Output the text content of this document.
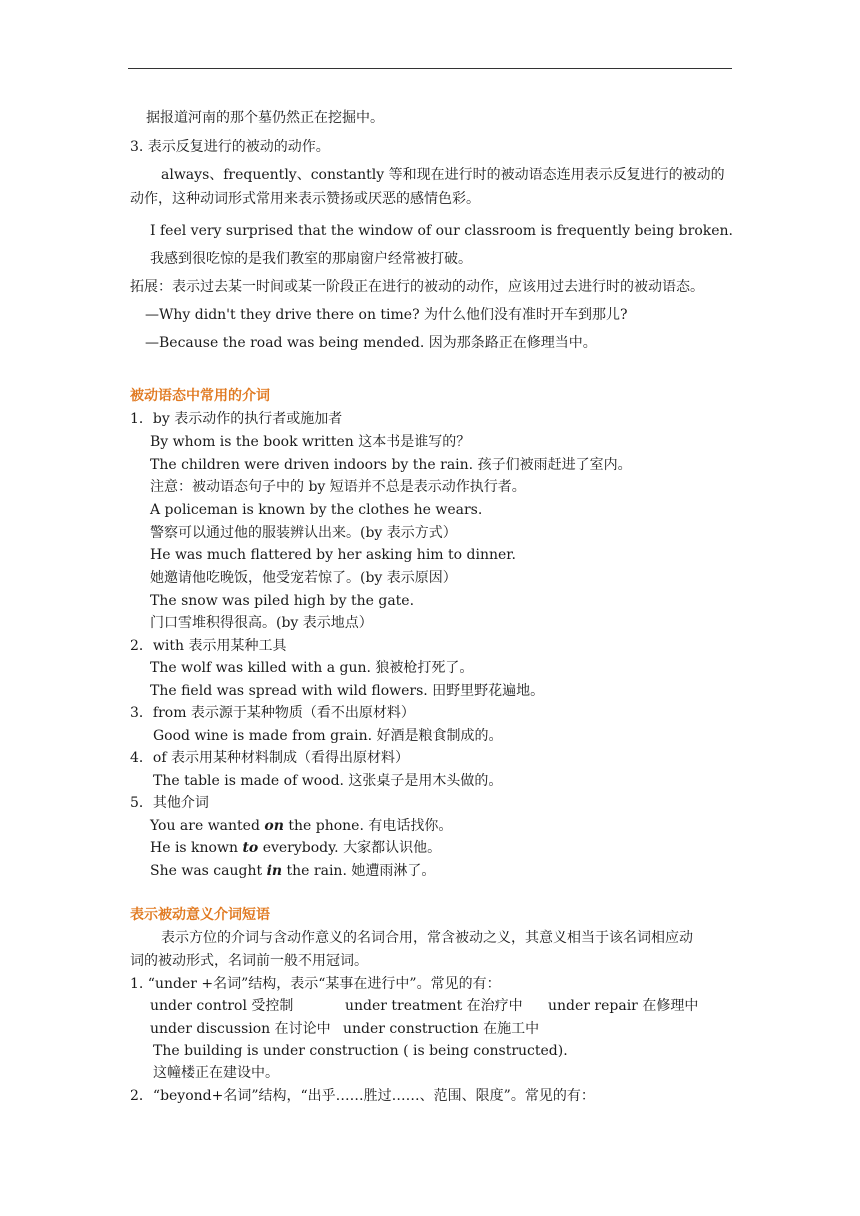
据报道河南的那个墓仍然正在挖掘中。
3. 表示反复进行的被动的动作。
always、frequently、constantly 等和现在进行时的被动语态连用表示反复进行的被动的
动作，这种动词形式常用来表示赞扬或厌恶的感情色彩。
I feel very surprised that the window of our classroom is frequently being broken.
我感到很吃惊的是我们教室的那扇窗户经常被打破。
拓展：表示过去某一时间或某一阶段正在进行的被动的动作，应该用过去进行时的被动语态。
—Why didn't they drive there on time? 为什么他们没有准时开车到那儿?
—Because the road was being mended. 因为那条路正在修理当中。
被动语态中常用的介词
1．by 表示动作的执行者或施加者
By whom is the book written 这本书是谁写的？
The children were driven indoors by the rain. 孩子们被雨赶进了室内。
注意：被动语态句子中的 by 短语并不总是表示动作执行者。
A policeman is known by the clothes he wears.
警察可以通过他的服装辨认出来。(by 表示方式）
He was much flattered by her asking him to dinner.
她邀请他吃晚饭，他受宠若惊了。(by 表示原因）
The snow was piled high by the gate.
门口雪堆积得很高。(by 表示地点）
2．with 表示用某种工具
The wolf was killed with a gun. 狼被枪打死了。
The field was spread with wild flowers. 田野里野花遍地。
3．from 表示源于某种物质（看不出原材料）
Good wine is made from grain. 好酒是粮食制成的。
4．of 表示用某种材料制成（看得出原材料）
The table is made of wood. 这张桌子是用木头做的。
5．其他介词
You are wanted on the phone. 有电话找你。
He is known to everybody. 大家都认识他。
She was caught in the rain. 她遭雨淋了。
表示被动意义介词短语
表示方位的介词与含动作意义的名词合用，常含被动之义，其意义相当于该名词相应动
词的被动形式，名词前一般不用冠词。
1. “under +名词”结构，表示“某事在进行中”。常见的有：
under control 受控制	under treatment 在治疗中 under repair 在修理中
under discussion 在讨论中 under construction 在施工中
The building is under construction ( is being constructed).
这幢楼正在建设中。
2．“beyond+名词”结构，“出乎……胜过……、范围、限度”。常见的有：
